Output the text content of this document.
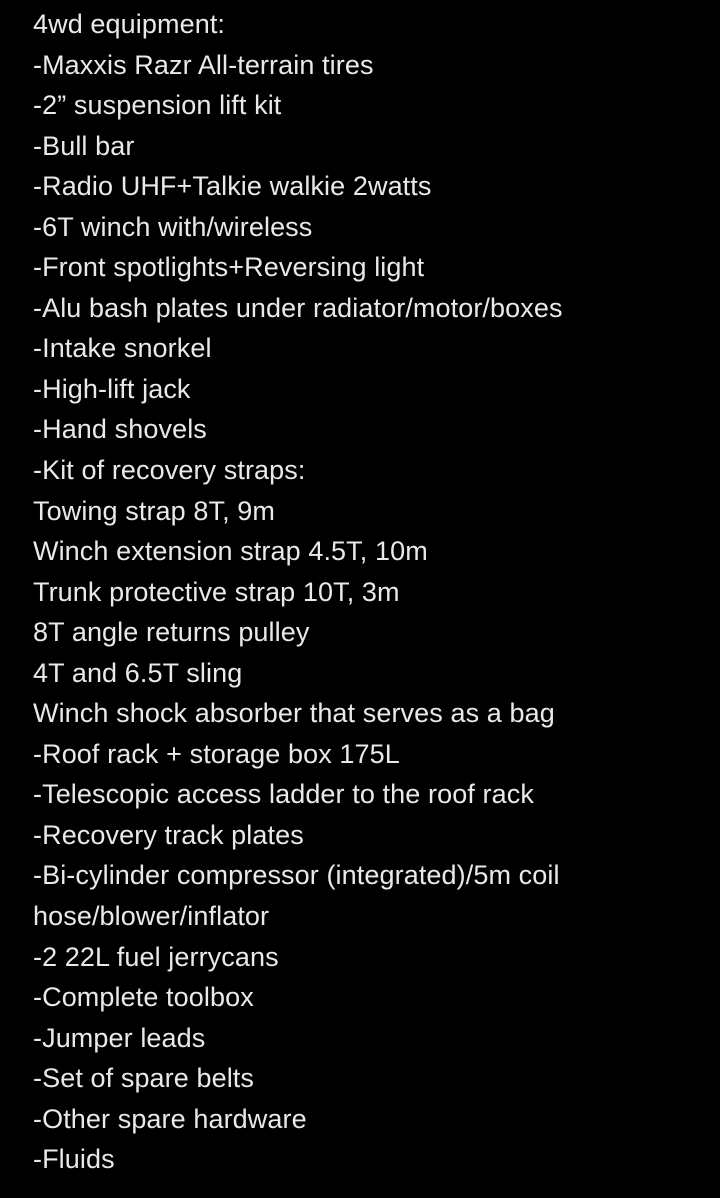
4wd equipment:
-Maxxis Razr All-terrain tires
-2” suspension lift kit
-Bull bar
-Radio UHF+Talkie walkie 2watts
-6T winch with/wireless
-Front spotlights+Reversing light
-Alu bash plates under radiator/motor/boxes
-Intake snorkel
-High-lift jack
-Hand shovels
-Kit of recovery straps:
Towing strap 8T, 9m
Winch extension strap 4.5T, 10m
Trunk protective strap 10T, 3m
8T angle returns pulley
4T and 6.5T sling
Winch shock absorber that serves as a bag
-Roof rack + storage box 175L
-Telescopic access ladder to the roof rack
-Recovery track plates
-Bi-cylinder compressor (integrated)/5m coil
hose/blower/inflator
-2 22L fuel jerrycans
-Complete toolbox
-Jumper leads
-Set of spare belts
-Other spare hardware
-Fluids
